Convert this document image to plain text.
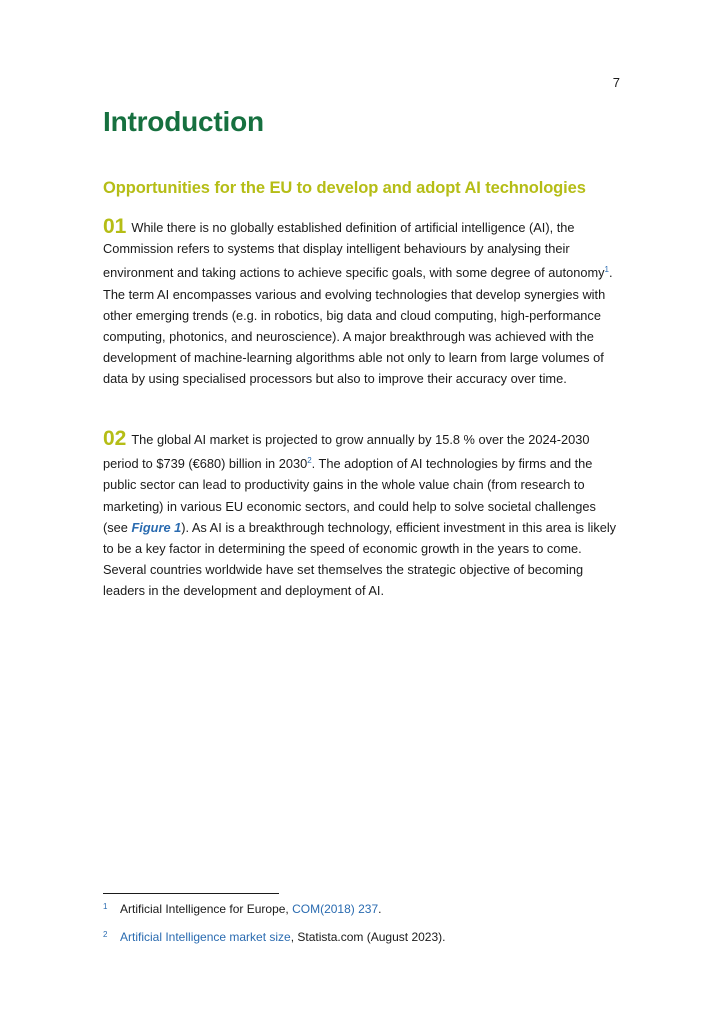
7
Introduction
Opportunities for the EU to develop and adopt AI technologies

01 While there is no globally established definition of artificial intelligence (AI), the Commission refers to systems that display intelligent behaviours by analysing their environment and taking actions to achieve specific goals, with some degree of autonomy$^1$. The term AI encompasses various and evolving technologies that develop synergies with other emerging trends (e.g. in robotics, big data and cloud computing, high-performance computing, photonics, and neuroscience). A major breakthrough was achieved with the development of machine-learning algorithms able not only to learn from large volumes of data by using specialised processors but also to improve their accuracy over time.

02 The global AI market is projected to grow annually by 15.8 % over the 2024-2030 period to $739 (€680) billion in 2030$^2$. The adoption of AI technologies by firms and the public sector can lead to productivity gains in the whole value chain (from research to marketing) in various EU economic sectors, and could help to solve societal challenges (see Figure 1). As AI is a breakthrough technology, efficient investment in this area is likely to be a key factor in determining the speed of economic growth in the years to come. Several countries worldwide have set themselves the strategic objective of becoming leaders in the development and deployment of AI.

1 Artificial Intelligence for Europe, COM(2018) 237.

2 Artificial Intelligence market size, Statista.com (August 2023).
